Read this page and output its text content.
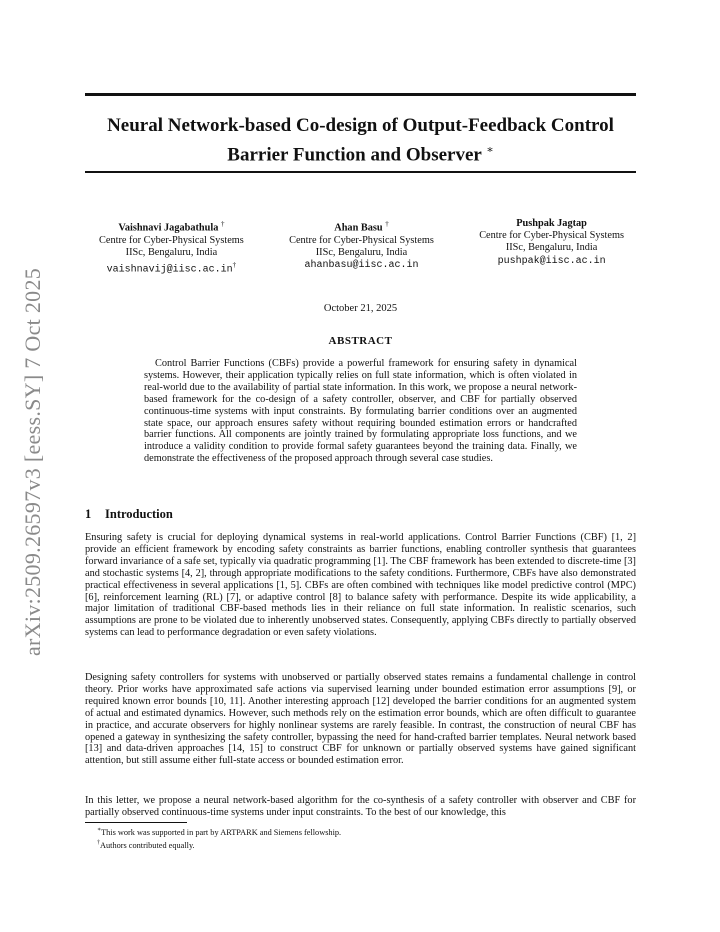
arXiv:2509.26597v3 [eess.SY] 7 Oct 2025
Neural Network-based Co-design of Output-Feedback Control
Barrier Function and Observer ∗
Vaishnavi Jagabathula †
Centre for Cyber-Physical Systems
IISc, Bengaluru, India
vaishnavij@iisc.ac.in†
Ahan Basu †
Centre for Cyber-Physical Systems
IISc, Bengaluru, India
ahanbasu@iisc.ac.in
Pushpak Jagtap
Centre for Cyber-Physical Systems
IISc, Bengaluru, India
pushpak@iisc.ac.in
October 21, 2025
ABSTRACT

Control Barrier Functions (CBFs) provide a powerful framework for ensuring safety in dynamical systems. However, their application typically relies on full state information, which is often violated in real-world due to the availability of partial state information. In this work, we propose a neural network-based framework for the co-design of a safety controller, observer, and CBF for partially observed continuous-time systems with input constraints. By formulating barrier conditions over an augmented state space, our approach ensures safety without requiring bounded estimation errors or handcrafted barrier functions. All components are jointly trained by formulating appropriate loss functions, and we introduce a validity condition to provide formal safety guarantees beyond the training data. Finally, we demonstrate the effectiveness of the proposed approach through several case studies.

1 Introduction

Ensuring safety is crucial for deploying dynamical systems in real-world applications. Control Barrier Functions (CBF) [1, 2] provide an efficient framework by encoding safety constraints as barrier functions, enabling controller synthesis that guarantees forward invariance of a safe set, typically via quadratic programming [1]. The CBF framework has been extended to discrete-time [3] and stochastic systems [4, 2], through appropriate modifications to the safety conditions. Furthermore, CBFs have also demonstrated practical effectiveness in several applications [1, 5]. CBFs are often combined with techniques like model predictive control (MPC) [6], reinforcement learning (RL) [7], or adaptive control [8] to balance safety with performance. Despite its wide applicability, a major limitation of traditional CBF-based methods lies in their reliance on full state information. In realistic scenarios, such assumptions are prone to be violated due to inherently unobserved states. Consequently, applying CBFs directly to partially observed systems can lead to performance degradation or even safety violations.

Designing safety controllers for systems with unobserved or partially observed states remains a fundamental challenge in control theory. Prior works have approximated safe actions via supervised learning under bounded estimation error assumptions [9], or required known error bounds [10, 11]. Another interesting approach [12] developed the barrier conditions for an augmented system of actual and estimated dynamics. However, such methods rely on the estimation error bounds, which are often difficult to guarantee in practice, and accurate observers for highly nonlinear systems are rarely feasible. In contrast, the construction of neural CBF has opened a gateway in synthesizing the safety controller, bypassing the need for hand-crafted barrier templates. Neural network based [13] and data-driven approaches [14, 15] to construct CBF for unknown or partially observed systems have gained significant attention, but still assume either full-state access or bounded estimation error.

In this letter, we propose a neural network-based algorithm for the co-synthesis of a safety controller with observer and CBF for partially observed continuous-time systems under input constraints. To the best of our knowledge, this

∗This work was supported in part by ARTPARK and Siemens fellowship.
†Authors contributed equally.
